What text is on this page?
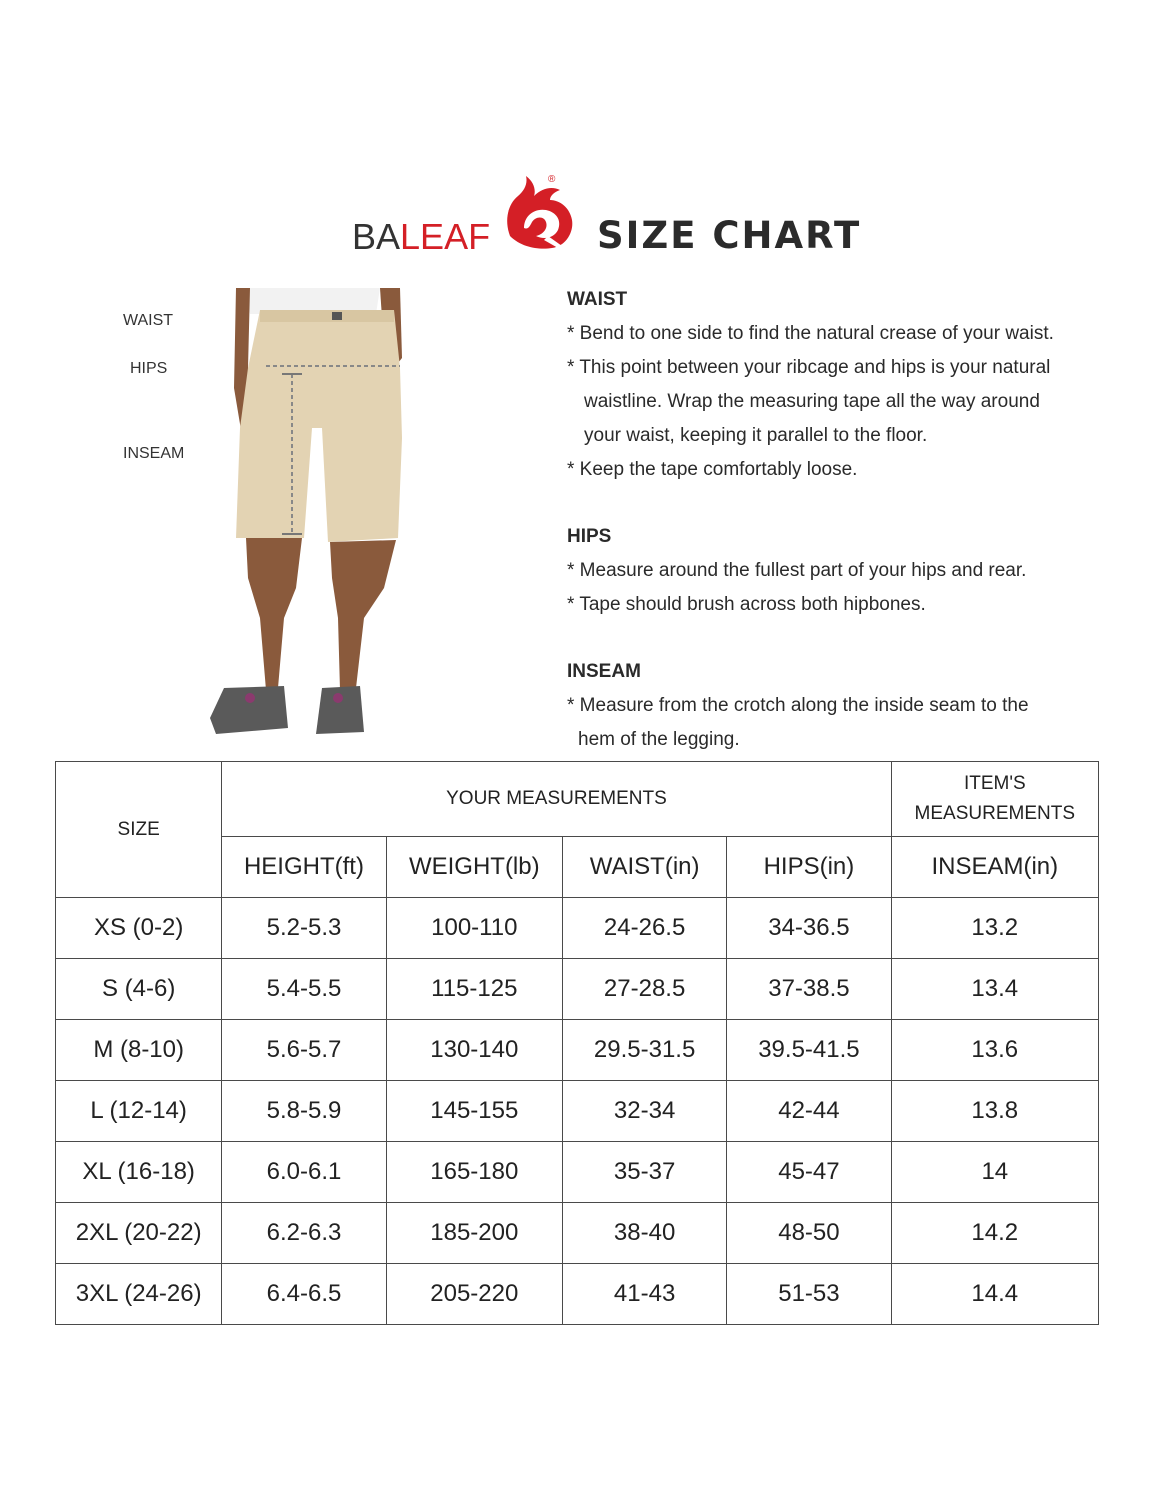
BALEAF
®
SIZE CHART
WAIST
HIPS
INSEAM

WAIST

* Bend to one side to find the natural crease of your waist.

* This point between your ribcage and hips is your natural

waistline. Wrap the measuring tape all the way around

your waist, keeping it parallel to the floor.

* Keep the tape comfortably loose.

HIPS

* Measure around the fullest part of your hips and rear.

* Tape should brush across both hipbones.

INSEAM

* Measure from the crotch along the inside seam to the

hem of the legging.

SIZE	YOUR MEASUREMENTS				ITEM'S
MEASUREMENTS
	HEIGHT(ft)	WEIGHT(lb)	WAIST(in)	HIPS(in)	INSEAM(in)
XS (0-2)	5.2-5.3	100-110	24-26.5	34-36.5	13.2
S (4-6)	5.4-5.5	115-125	27-28.5	37-38.5	13.4
M (8-10)	5.6-5.7	130-140	29.5-31.5	39.5-41.5	13.6
L (12-14)	5.8-5.9	145-155	32-34	42-44	13.8
XL (16-18)	6.0-6.1	165-180	35-37	45-47	14
2XL (20-22)	6.2-6.3	185-200	38-40	48-50	14.2
3XL (24-26)	6.4-6.5	205-220	41-43	51-53	14.4
